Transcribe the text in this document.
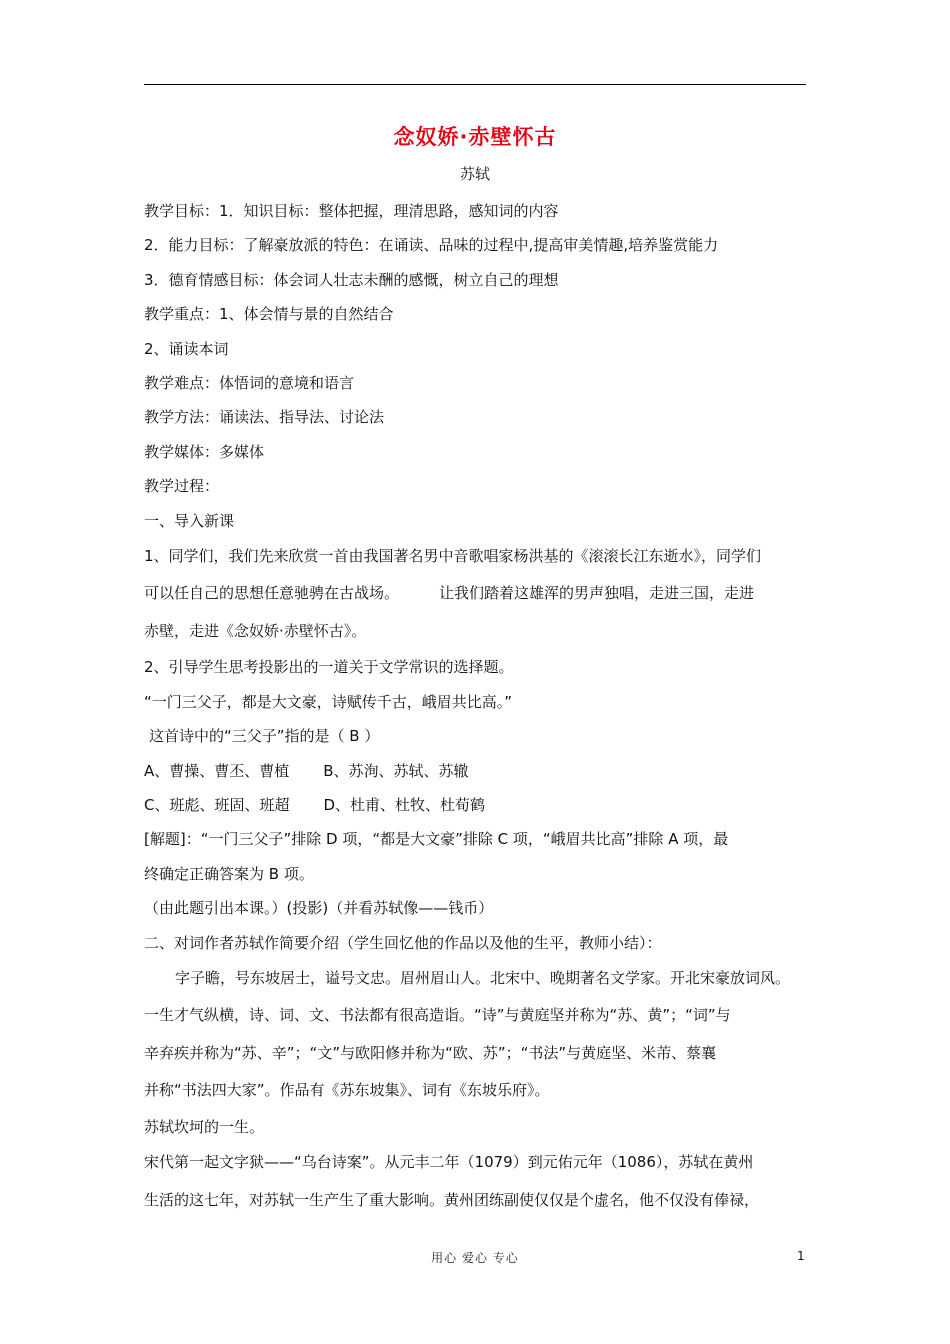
念奴娇·赤壁怀古
苏轼
教学目标：1．知识目标：整体把握，理清思路，感知词的内容
2．能力目标：了解豪放派的特色：在诵读、品味的过程中,提高审美情趣,培养鉴赏能力
3．德育情感目标：体会词人壮志未酬的感慨，树立自己的理想
教学重点：1、体会情与景的自然结合
2、诵读本词
教学难点：体悟词的意境和语言
教学方法：诵读法、指导法、讨论法
教学媒体：多媒体
教学过程：
一、导入新课
1、同学们，我们先来欣赏一首由我国著名男中音歌唱家杨洪基的《滚滚长江东逝水》，同学们
可以任自己的思想任意驰骋在古战场。	让我们踏着这雄浑的男声独唱，走进三国，走进
赤壁，走进《念奴娇·赤壁怀古》。
2、引导学生思考投影出的一道关于文学常识的选择题。
“一门三父子，都是大文豪，诗赋传千古，峨眉共比高。”
这首诗中的“三父子”指的是（ B ）
A、曹操、曹丕、曹植 B、苏洵、苏轼、苏辙
C、班彪、班固、班超 D、杜甫、杜牧、杜荀鹤
[解题]：“一门三父子”排除 D 项，“都是大文豪”排除 C 项，“峨眉共比高”排除 A 项，最
终确定正确答案为 B 项。
（由此题引出本课。）(投影)（并看苏轼像——钱币）
二、对词作者苏轼作简要介绍（学生回忆他的作品以及他的生平，教师小结）：
字子瞻，号东坡居士，谥号文忠。眉州眉山人。北宋中、晚期著名文学家。开北宋豪放词风。
一生才气纵横，诗、词、文、书法都有很高造诣。“诗”与黄庭坚并称为“苏、黄”；“词”与
辛弃疾并称为“苏、辛”；“文”与欧阳修并称为“欧、苏”；“书法”与黄庭坚、米芾、蔡襄
并称“书法四大家”。作品有《苏东坡集》、词有《东坡乐府》。
苏轼坎坷的一生。
宋代第一起文字狱——“乌台诗案”。从元丰二年（1079）到元佑元年（1086），苏轼在黄州
生活的这七年，对苏轼一生产生了重大影响。黄州团练副使仅仅是个虚名，他不仅没有俸禄，
用心 爱心 专心	1
